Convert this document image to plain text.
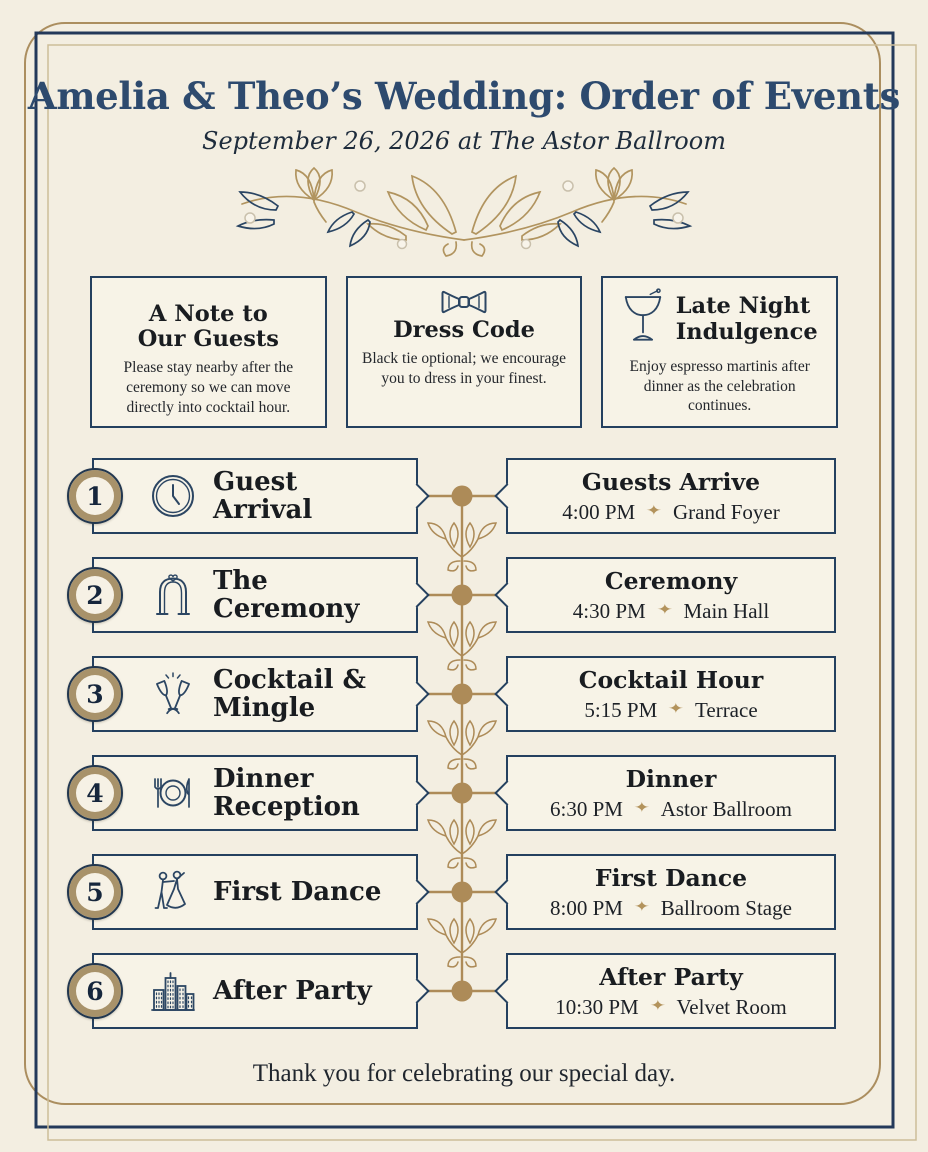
Amelia & Theo’s Wedding: Order of Events
September 26, 2026 at The Astor Ballroom
A Note to
Our Guests
Please stay nearby after the ceremony so we can move directly into cocktail hour.
Dress Code
Black tie optional; we encourage you to dress in your finest.
Late Night
Indulgence
Enjoy espresso martinis after dinner as the celebration continues.
1	Guest Arrival
Guests Arrive
4:00 PM ✦ Grand Foyer
2	The Ceremony
Ceremony
4:30 PM ✦ Main Hall
3	Cocktail & Mingle
Cocktail Hour
5:15 PM ✦ Terrace
4	Dinner Reception
Dinner
6:30 PM ✦ Astor Ballroom
5	First Dance	First Dance
8:00 PM ✦ Ballroom Stage
6	After Party	After Party
10:30 PM ✦ Velvet Room
Thank you for celebrating our special day.
